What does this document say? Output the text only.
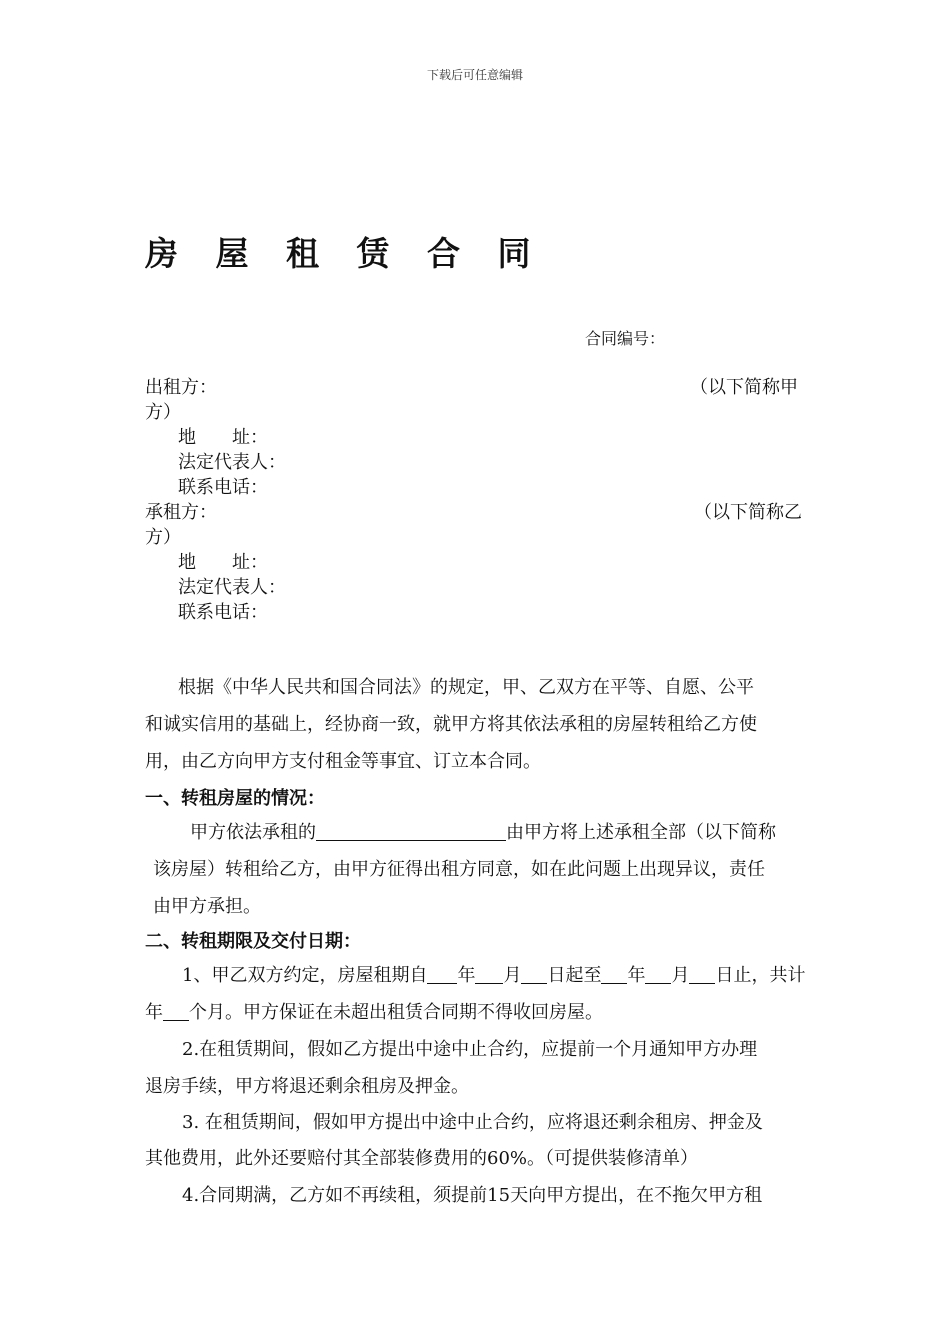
下载后可任意编辑
房 屋 租 赁 合 同
合同编号：
出租方：	（以下简称甲
方）
地　　址：
法定代表人：
联系电话：
承租方：	（以下简称乙
方）
地　　址：
法定代表人：
联系电话：
根据《中华人民共和国合同法》的规定，甲、乙双方在平等、自愿、公平
和诚实信用的基础上，经协商一致，就甲方将其依法承租的房屋转租给乙方使
用，由乙方向甲方支付租金等事宜、订立本合同。
一、转租房屋的情况：
甲方依法承租的	由甲方将上述承租全部（以下简称
该房屋）转租给乙方，由甲方征得出租方同意，如在此问题上出现异议，责任
由甲方承担。
二、转租期限及交付日期：
1、甲乙双方约定，房屋租期自 年 月 日起至 年 月 日止，共计
年 个月。甲方保证在未超出租赁合同期不得收回房屋。
2.在租赁期间，假如乙方提出中途中止合约，应提前一个月通知甲方办理
退房手续，甲方将退还剩余租房及押金。
3. 在租赁期间，假如甲方提出中途中止合约，应将退还剩余租房、押金及
其他费用，此外还要赔付其全部装修费用的60%。（可提供装修清单）
4.合同期满，乙方如不再续租，须提前15天向甲方提出，在不拖欠甲方租
